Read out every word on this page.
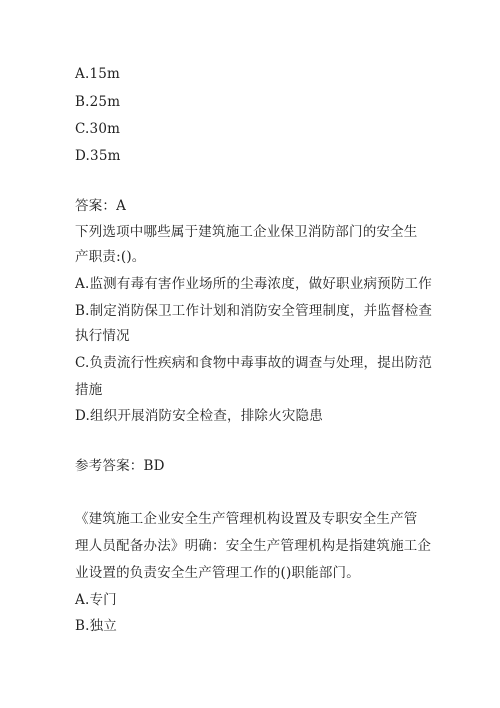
A.15m
B.25m
C.30m
D.35m
答案：A
下列选项中哪些属于建筑施工企业保卫消防部门的安全生
产职责:()。
A.监测有毒有害作业场所的尘毒浓度，做好职业病预防工作
B.制定消防保卫工作计划和消防安全管理制度，并监督检查
执行情况
C.负责流行性疾病和食物中毒事故的调查与处理，提出防范
措施
D.组织开展消防安全检查，排除火灾隐患
参考答案：BD
《建筑施工企业安全生产管理机构设置及专职安全生产管
理人员配备办法》明确：安全生产管理机构是指建筑施工企
业设置的负责安全生产管理工作的()职能部门。
A.专门
B.独立
